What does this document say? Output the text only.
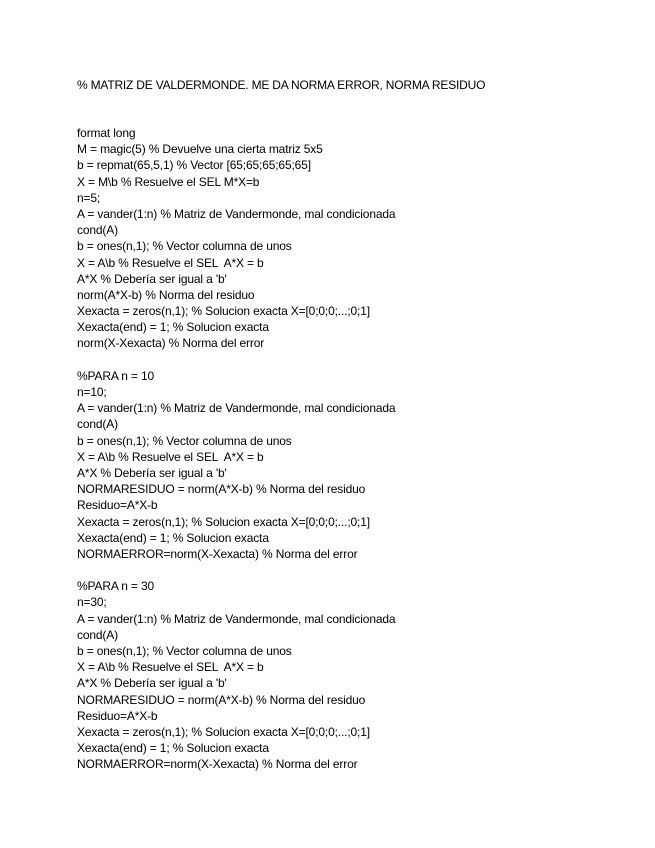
% MATRIZ DE VALDERMONDE. ME DA NORMA ERROR, NORMA RESIDUO
format long
M = magic(5) % Devuelve una cierta matriz 5x5
b = repmat(65,5,1) % Vector [65;65;65;65;65]
X = M\b % Resuelve el SEL M*X=b
n=5;
A = vander(1:n) % Matriz de Vandermonde, mal condicionada
cond(A)
b = ones(n,1); % Vector columna de unos
X = A\b % Resuelve el SEL  A*X = b
A*X % Debería ser igual a 'b'
norm(A*X-b) % Norma del residuo
Xexacta = zeros(n,1); % Solucion exacta X=[0;0;0;...;0;1]
Xexacta(end) = 1; % Solucion exacta
norm(X-Xexacta) % Norma del error
%PARA n = 10
n=10;
A = vander(1:n) % Matriz de Vandermonde, mal condicionada
cond(A)
b = ones(n,1); % Vector columna de unos
X = A\b % Resuelve el SEL  A*X = b
A*X % Debería ser igual a 'b'
NORMARESIDUO = norm(A*X-b) % Norma del residuo
Residuo=A*X-b
Xexacta = zeros(n,1); % Solucion exacta X=[0;0;0;...;0;1]
Xexacta(end) = 1; % Solucion exacta
NORMAERROR=norm(X-Xexacta) % Norma del error
%PARA n = 30
n=30;
A = vander(1:n) % Matriz de Vandermonde, mal condicionada
cond(A)
b = ones(n,1); % Vector columna de unos
X = A\b % Resuelve el SEL  A*X = b
A*X % Debería ser igual a 'b'
NORMARESIDUO = norm(A*X-b) % Norma del residuo
Residuo=A*X-b
Xexacta = zeros(n,1); % Solucion exacta X=[0;0;0;...;0;1]
Xexacta(end) = 1; % Solucion exacta
NORMAERROR=norm(X-Xexacta) % Norma del error
